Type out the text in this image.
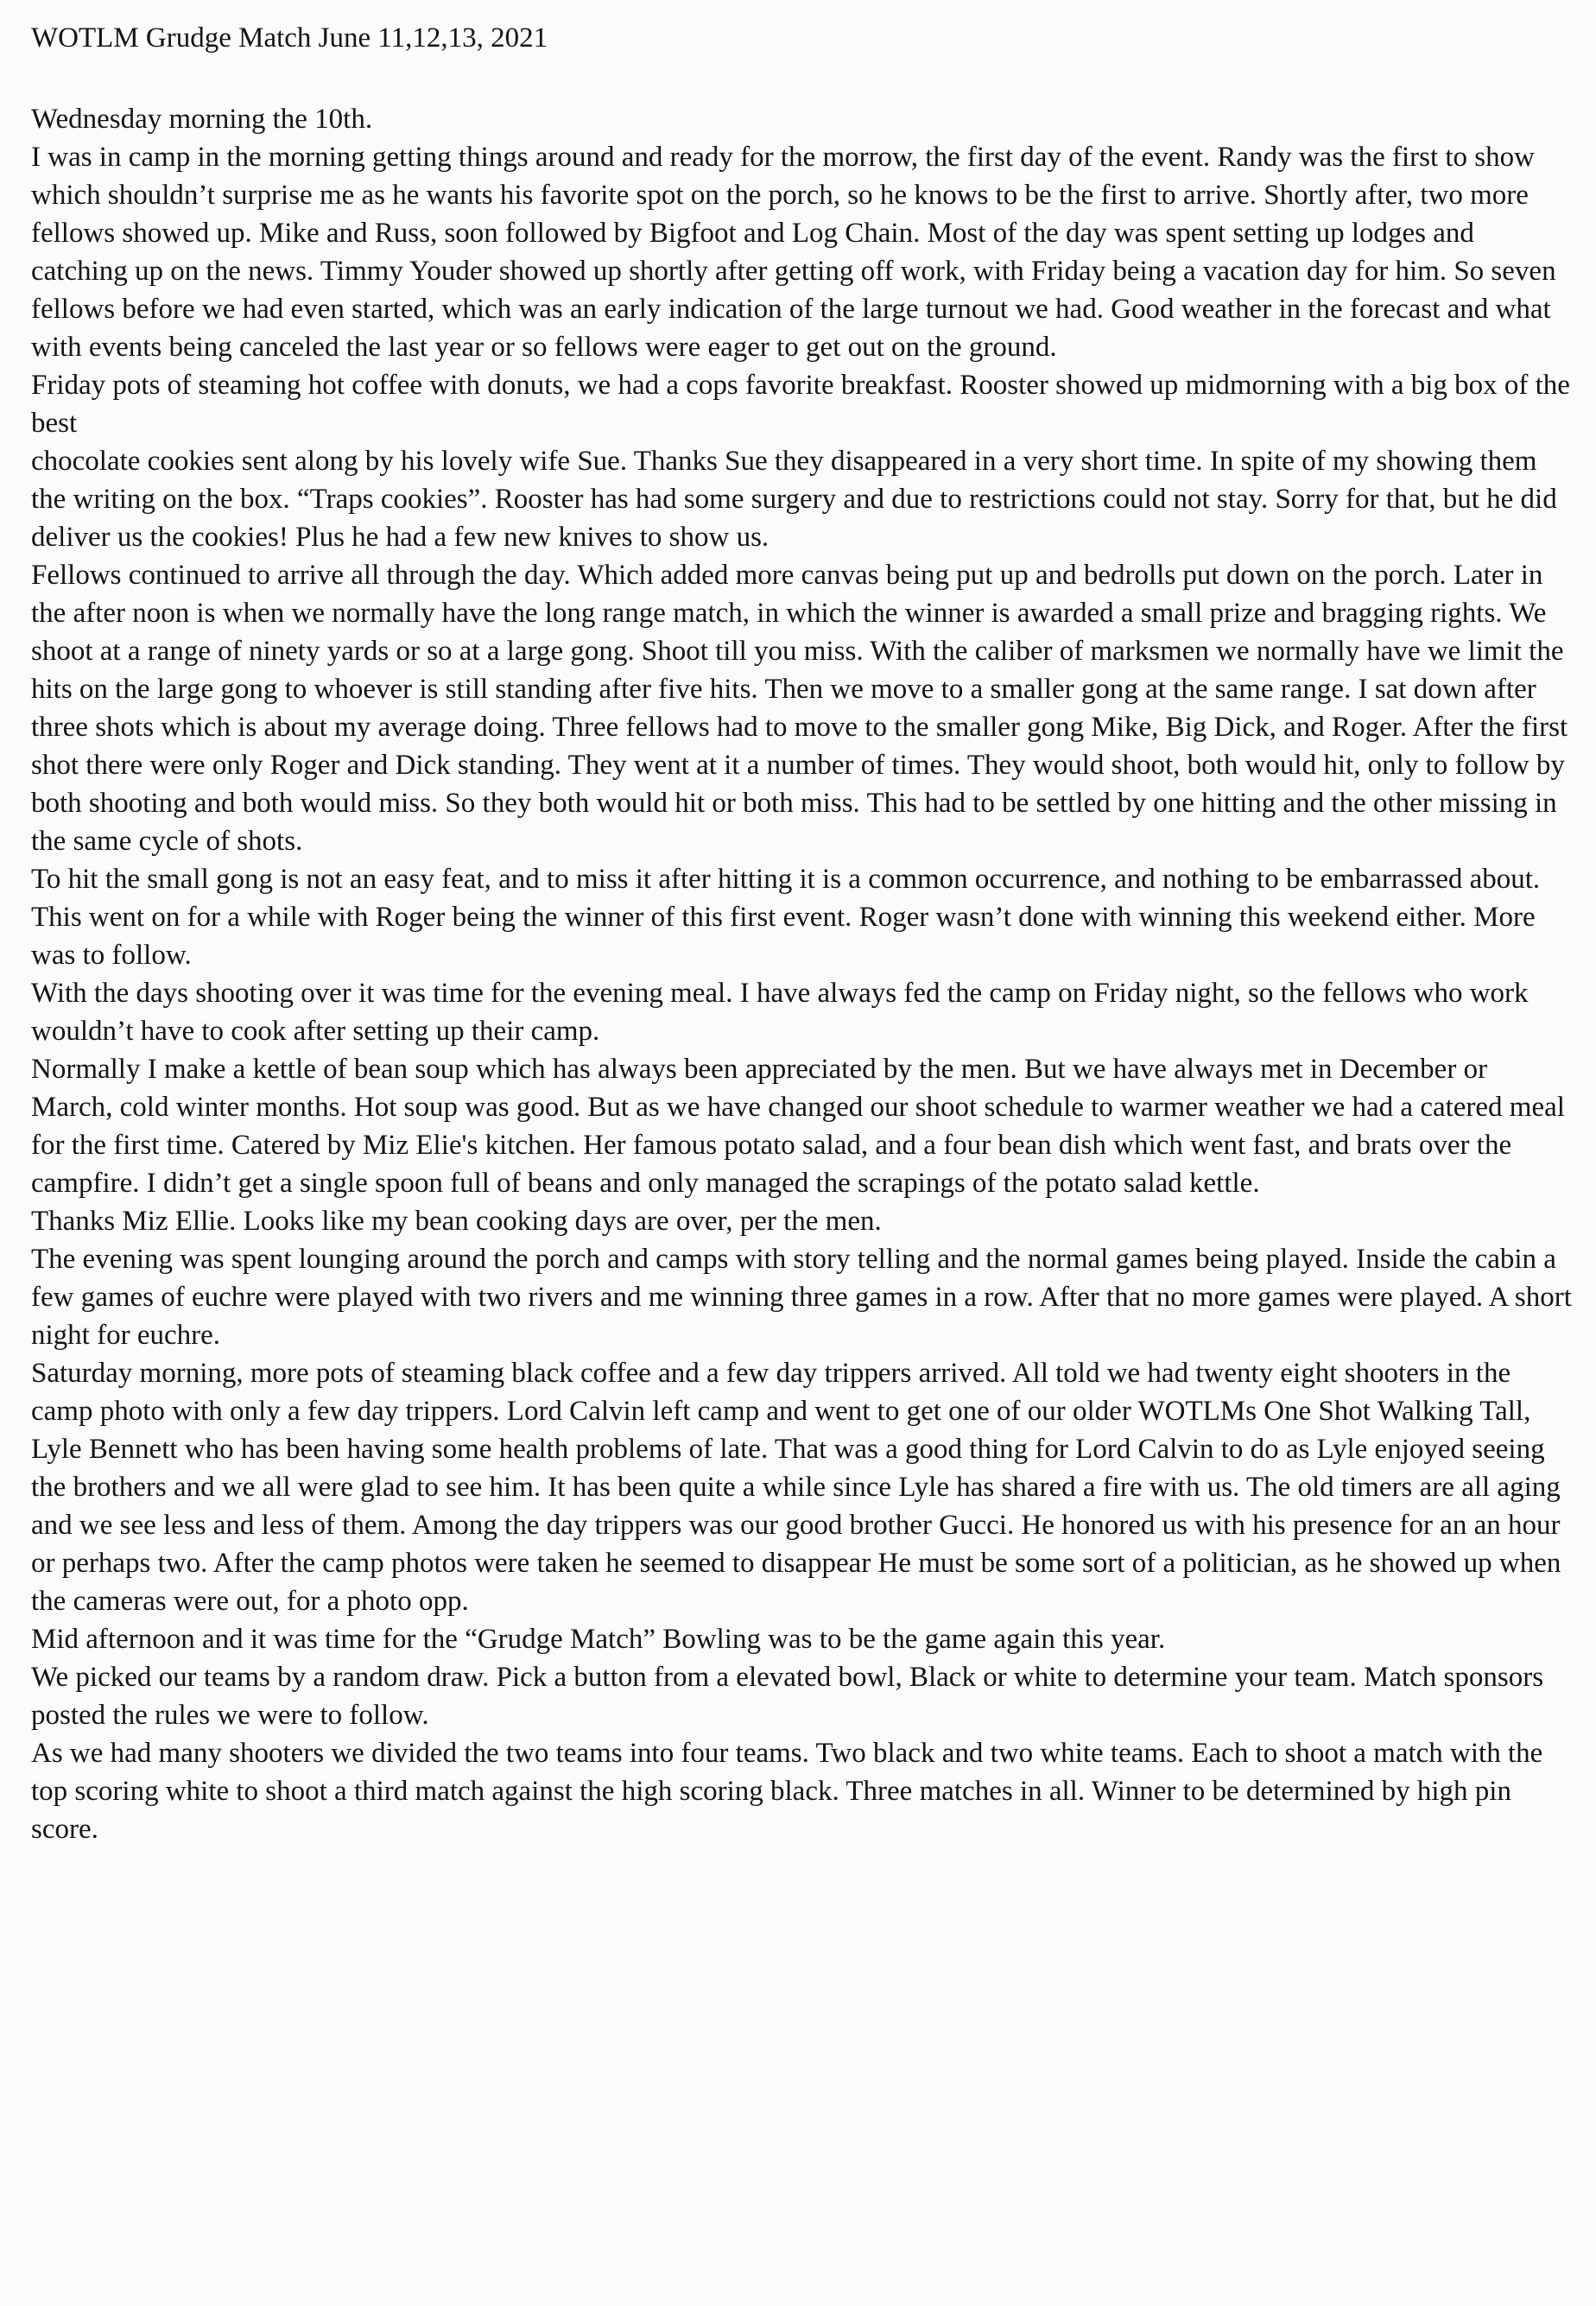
WOTLM Grudge Match June 11,12,13, 2021

Wednesday morning the 10th.

I was in camp in the morning getting things around and ready for the morrow, the first day of the event. Randy was the first to show which shouldn’t surprise me as he wants his favorite spot on the porch, so he knows to be the first to arrive. Shortly after, two more fellows showed up. Mike and Russ, soon followed by Bigfoot and Log Chain. Most of the day was spent setting up lodges and catching up on the news. Timmy Youder showed up shortly after getting off work, with Friday being a vacation day for him. So seven fellows before we had even started, which was an early indication of the large turnout we had. Good weather in the forecast and what with events being canceled the last year or so fellows were eager to get out on the ground.

Friday pots of steaming hot coffee with donuts, we had a cops favorite breakfast. Rooster showed up midmorning with a big box of the best

chocolate cookies sent along by his lovely wife Sue. Thanks Sue they disappeared in a very short time. In spite of my showing them the writing on the box. “Traps cookies”. Rooster has had some surgery and due to restrictions could not stay. Sorry for that, but he did deliver us the cookies! Plus he had a few new knives to show us.

Fellows continued to arrive all through the day. Which added more canvas being put up and bedrolls put down on the porch. Later in the after noon is when we normally have the long range match, in which the winner is awarded a small prize and bragging rights. We shoot at a range of ninety yards or so at a large gong. Shoot till you miss. With the caliber of marksmen we normally have we limit the hits on the large gong to whoever is still standing after five hits. Then we move to a smaller gong at the same range. I sat down after three shots which is about my average doing. Three fellows had to move to the smaller gong Mike, Big Dick, and Roger. After the first shot there were only Roger and Dick standing. They went at it a number of times. They would shoot, both would hit, only to follow by both shooting and both would miss. So they both would hit or both miss. This had to be settled by one hitting and the other missing in the same cycle of shots.

To hit the small gong is not an easy feat, and to miss it after hitting it is a common occurrence, and nothing to be embarrassed about. This went on for a while with Roger being the winner of this first event. Roger wasn’t done with winning this weekend either. More was to follow.

With the days shooting over it was time for the evening meal. I have always fed the camp on Friday night, so the fellows who work wouldn’t have to cook after setting up their camp.

Normally I make a kettle of bean soup which has always been appreciated by the men. But we have always met in December or March, cold winter months. Hot soup was good. But as we have changed our shoot schedule to warmer weather we had a catered meal for the first time. Catered by Miz Elie's kitchen. Her famous potato salad, and a four bean dish which went fast, and brats over the campfire. I didn’t get a single spoon full of beans and only managed the scrapings of the potato salad kettle.

Thanks Miz Ellie. Looks like my bean cooking days are over, per the men.

The evening was spent lounging around the porch and camps with story telling and the normal games being played. Inside the cabin a few games of euchre were played with two rivers and me winning three games in a row. After that no more games were played. A short night for euchre.

Saturday morning, more pots of steaming black coffee and a few day trippers arrived. All told we had twenty eight shooters in the camp photo with only a few day trippers. Lord Calvin left camp and went to get one of our older WOTLMs One Shot Walking Tall, Lyle Bennett who has been having some health problems of late. That was a good thing for Lord Calvin to do as Lyle enjoyed seeing the brothers and we all were glad to see him. It has been quite a while since Lyle has shared a fire with us. The old timers are all aging and we see less and less of them. Among the day trippers was our good brother Gucci. He honored us with his presence for an an hour or perhaps two. After the camp photos were taken he seemed to disappear He must be some sort of a politician, as he showed up when the cameras were out, for a photo opp.

Mid afternoon and it was time for the “Grudge Match” Bowling was to be the game again this year.

We picked our teams by a random draw. Pick a button from a elevated bowl, Black or white to determine your team. Match sponsors posted the rules we were to follow.

As we had many shooters we divided the two teams into four teams. Two black and two white teams. Each to shoot a match with the top scoring white to shoot a third match against the high scoring black. Three matches in all. Winner to be determined by high pin score.
